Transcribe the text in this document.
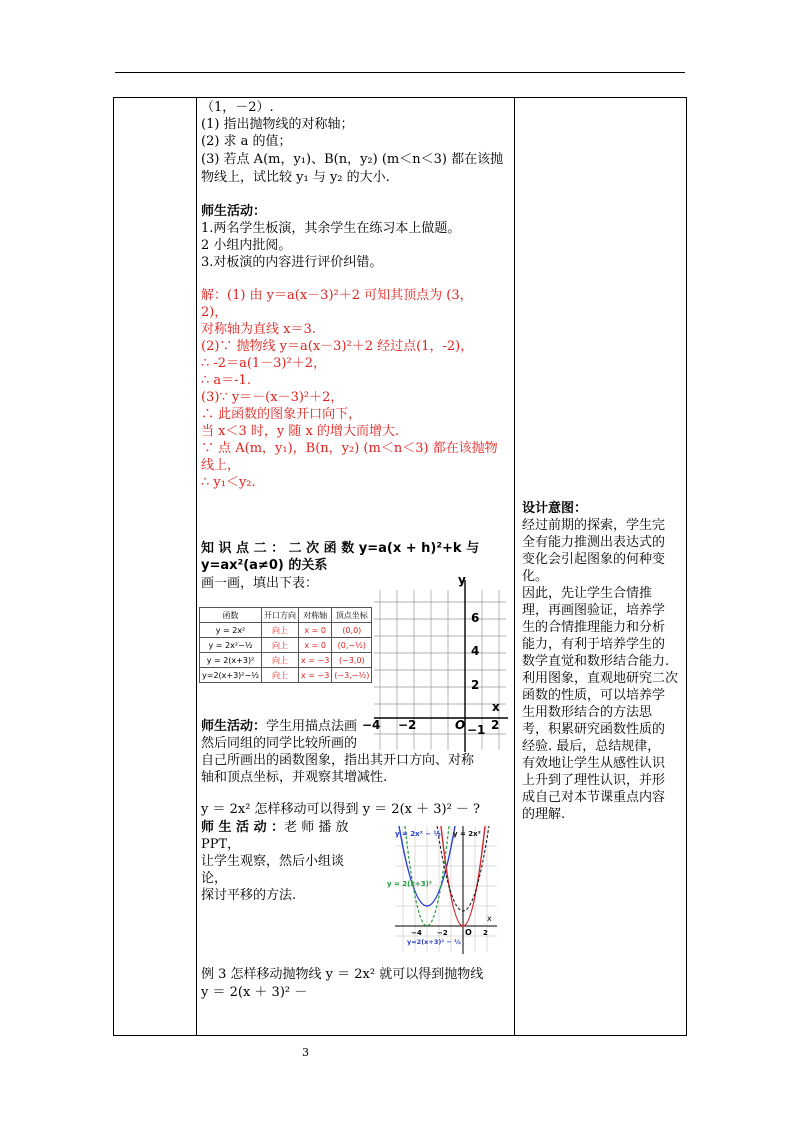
（1，－2）.
(1) 指出抛物线的对称轴；
(2) 求 a 的值；
(3) 若点 A(m，y₁)、B(n，y₂) (m＜n＜3) 都在该抛
物线上，试比较 y₁ 与 y₂ 的大小.
师生活动：
1.两名学生板演，其余学生在练习本上做题。
2 小组内批阅。
3.对板演的内容进行评价纠错。
解：(1) 由 y＝a(x－3)²＋2 可知其顶点为 (3，
2)，
对称轴为直线 x＝3.
(2)∵ 抛物线 y＝a(x－3)²＋2 经过点(1，-2)，
∴ -2＝a(1－3)²＋2，
∴ a＝-1.
(3)∵ y＝－(x－3)²＋2，
∴ 此函数的图象开口向下，
当 x＜3 时，y 随 x 的增大而增大.
∵ 点 A(m，y₁)，B(n，y₂) (m＜n＜3) 都在该抛物
线上，
∴ y₁＜y₂.
知 识 点 二 ： 二 次 函 数 y=a(x + h)²+k 与
y=ax²(a≠0) 的关系
画一画，填出下表：
函数	开口方向	对称轴	顶点坐标
y = 2x²	向上	x = 0	(0,0)
y = 2x²−½	向上	x = 0	(0,−½)
y = 2(x+3)²	向上	x = −3	(−3,0)
y=2(x+3)²−½	向上	x = −3	(−3,−½)
y
x
6
4
2
−1
−4 −2	O 2
师生活动：学生用描点法画
然后同组的同学比较所画的
自己所画出的函数图象，指出其开口方向、对称
轴和顶点坐标，并观察其增减性.
y ＝ 2x² 怎样移动可以得到 y ＝ 2(x ＋ 3)² － ?
师 生 活 动 ：老 师 播 放
PPT，
让学生观察，然后小组谈
论，
探讨平移的方法.
y = 2x² − ½ y = 2x²
y = 2(x+3)²
y=2(x+3)² − ½
x
−4 −2 O 2
例 3 怎样移动抛物线 y ＝ 2x² 就可以得到抛物线
y ＝ 2(x ＋ 3)² －
设计意图：
经过前期的探索，学生完
全有能力推测出表达式的
变化会引起图象的何种变
化。
因此，先让学生合情推
理，再画图验证，培养学
生的合情推理能力和分析
能力，有利于培养学生的
数学直觉和数形结合能力.
利用图象，直观地研究二次
函数的性质，可以培养学
生用数形结合的方法思
考，积累研究函数性质的
经验. 最后，总结规律，
有效地让学生从感性认识
上升到了理性认识，并形
成自己对本节课重点内容
的理解.
3
